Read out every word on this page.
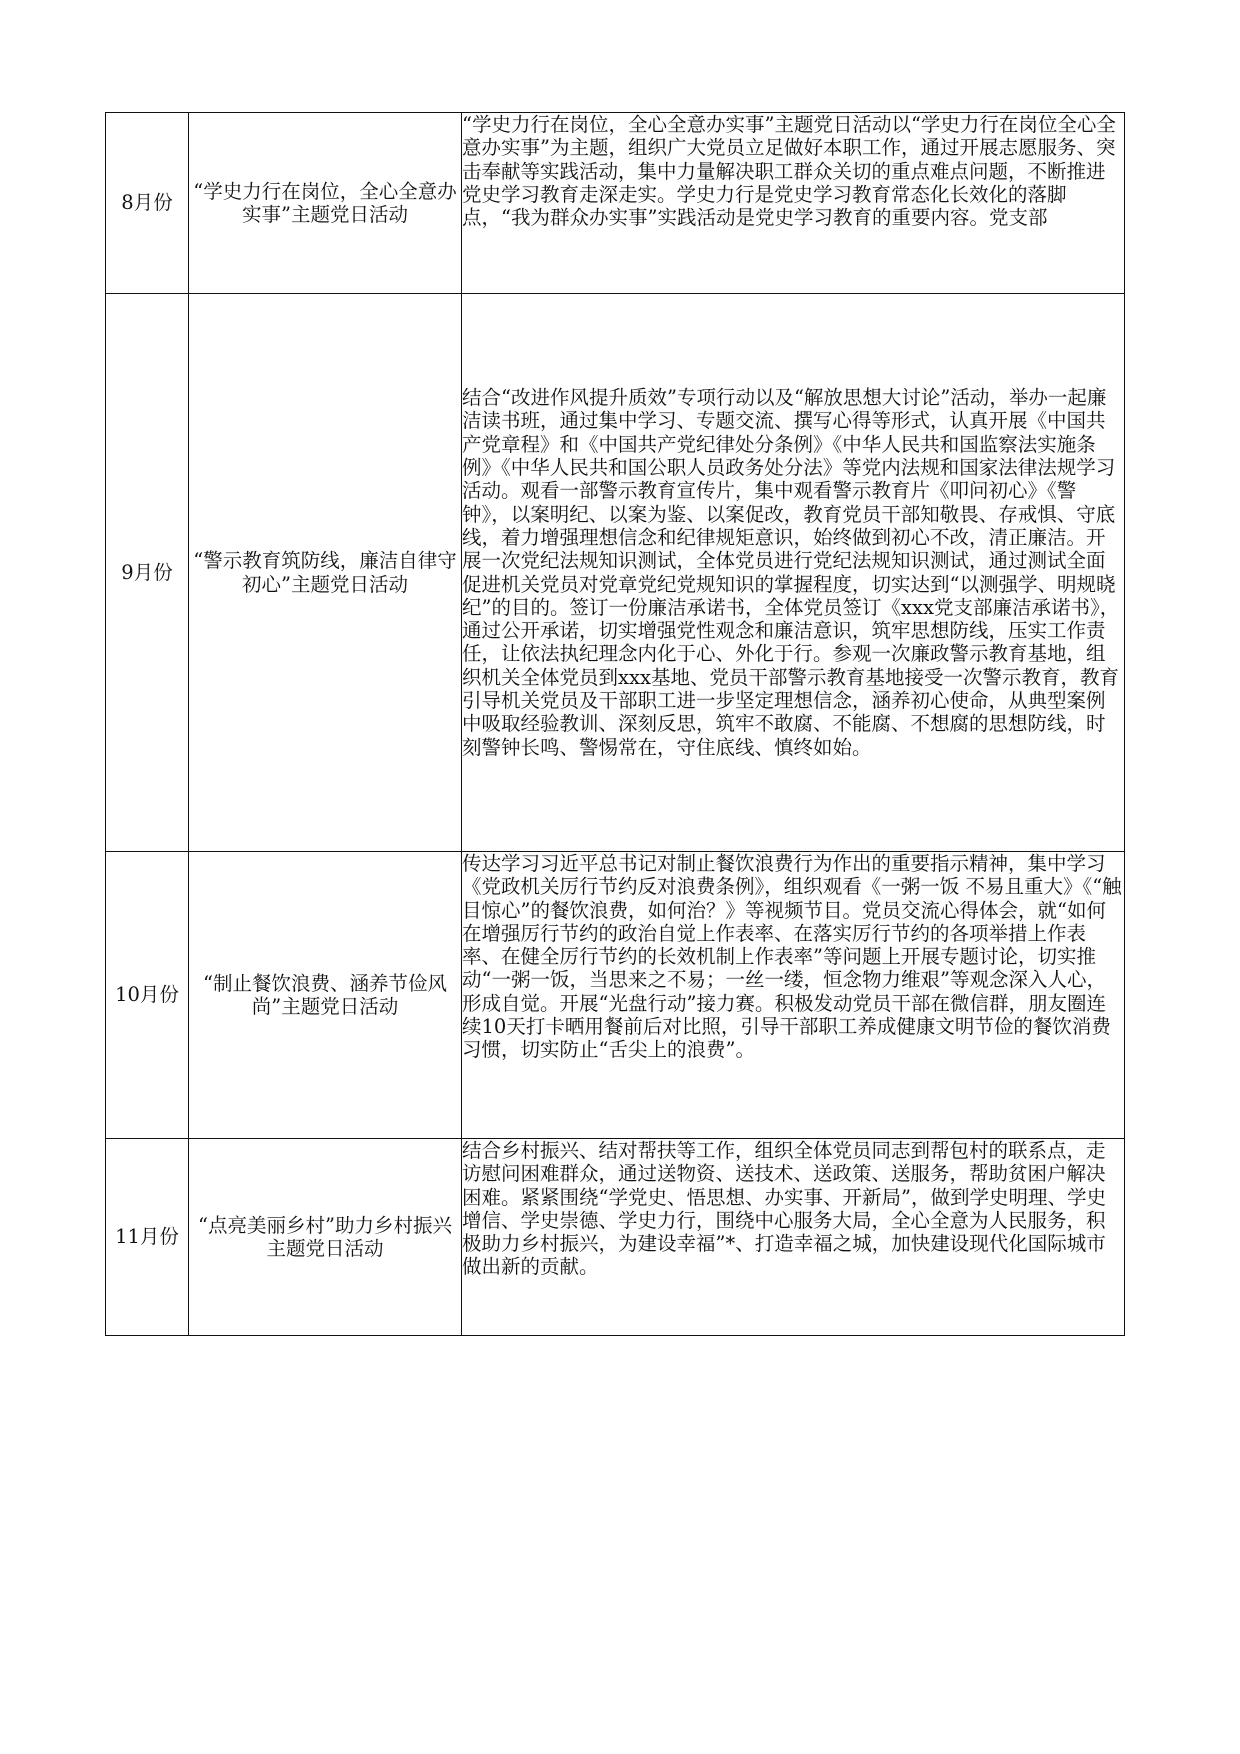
8月份	“学史力行在岗位，全心全意办实事”主题党日活动	“学史力行在岗位，全心全意办实事”主题党日活动以“学史力行在岗位全心全意办实事”为主题，组织广大党员立足做好本职工作，通过开展志愿服务、突击奉献等实践活动，集中力量解决职工群众关切的重点难点问题，不断推进党史学习教育走深走实。学史力行是党史学习教育常态化长效化的落脚点，“我为群众办实事”实践活动是党史学习教育的重要内容。党支部
9月份	“警示教育筑防线，廉洁自律守初心”主题党日活动	结合“改进作风提升质效”专项行动以及“解放思想大讨论”活动，举办一起廉洁读书班，通过集中学习、专题交流、撰写心得等形式，认真开展《中国共产党章程》和《中国共产党纪律处分条例》《中华人民共和国监察法实施条例》《中华人民共和国公职人员政务处分法》等党内法规和国家法律法规学习活动。观看一部警示教育宣传片，集中观看警示教育片《叩问初心》《警钟》，以案明纪、以案为鉴、以案促改，教育党员干部知敬畏、存戒惧、守底线，着力增强理想信念和纪律规矩意识，始终做到初心不改，清正廉洁。开展一次党纪法规知识测试，全体党员进行党纪法规知识测试，通过测试全面促进机关党员对党章党纪党规知识的掌握程度，切实达到“以测强学、明规晓纪”的目的。签订一份廉洁承诺书，全体党员签订《xxx党支部廉洁承诺书》，通过公开承诺，切实增强党性观念和廉洁意识，筑牢思想防线，压实工作责任，让依法执纪理念内化于心、外化于行。参观一次廉政警示教育基地，组织机关全体党员到xxx基地、党员干部警示教育基地接受一次警示教育，教育引导机关党员及干部职工进一步坚定理想信念，涵养初心使命，从典型案例中吸取经验教训、深刻反思，筑牢不敢腐、不能腐、不想腐的思想防线，时刻警钟长鸣、警惕常在，守住底线、慎终如始。
10月份	“制止餐饮浪费、涵养节俭风尚”主题党日活动	传达学习习近平总书记对制止餐饮浪费行为作出的重要指示精神，集中学习《党政机关厉行节约反对浪费条例》，组织观看《一粥一饭 不易且重大》《“触目惊心”的餐饮浪费，如何治？》等视频节目。党员交流心得体会，就“如何在增强厉行节约的政治自觉上作表率、在落实厉行节约的各项举措上作表率、在健全厉行节约的长效机制上作表率”等问题上开展专题讨论，切实推动“一粥一饭，当思来之不易；一丝一缕，恒念物力维艰”等观念深入人心，形成自觉。开展“光盘行动”接力赛。积极发动党员干部在微信群，朋友圈连续10天打卡晒用餐前后对比照，引导干部职工养成健康文明节俭的餐饮消费习惯，切实防止“舌尖上的浪费”。
11月份	“点亮美丽乡村”助力乡村振兴主题党日活动	结合乡村振兴、结对帮扶等工作，组织全体党员同志到帮包村的联系点，走访慰问困难群众，通过送物资、送技术、送政策、送服务，帮助贫困户解决困难。紧紧围绕“学党史、悟思想、办实事、开新局”，做到学史明理、学史增信、学史崇德、学史力行，围绕中心服务大局，全心全意为人民服务，积极助力乡村振兴，为建设幸福”*、打造幸福之城，加快建设现代化国际城市做出新的贡献。
